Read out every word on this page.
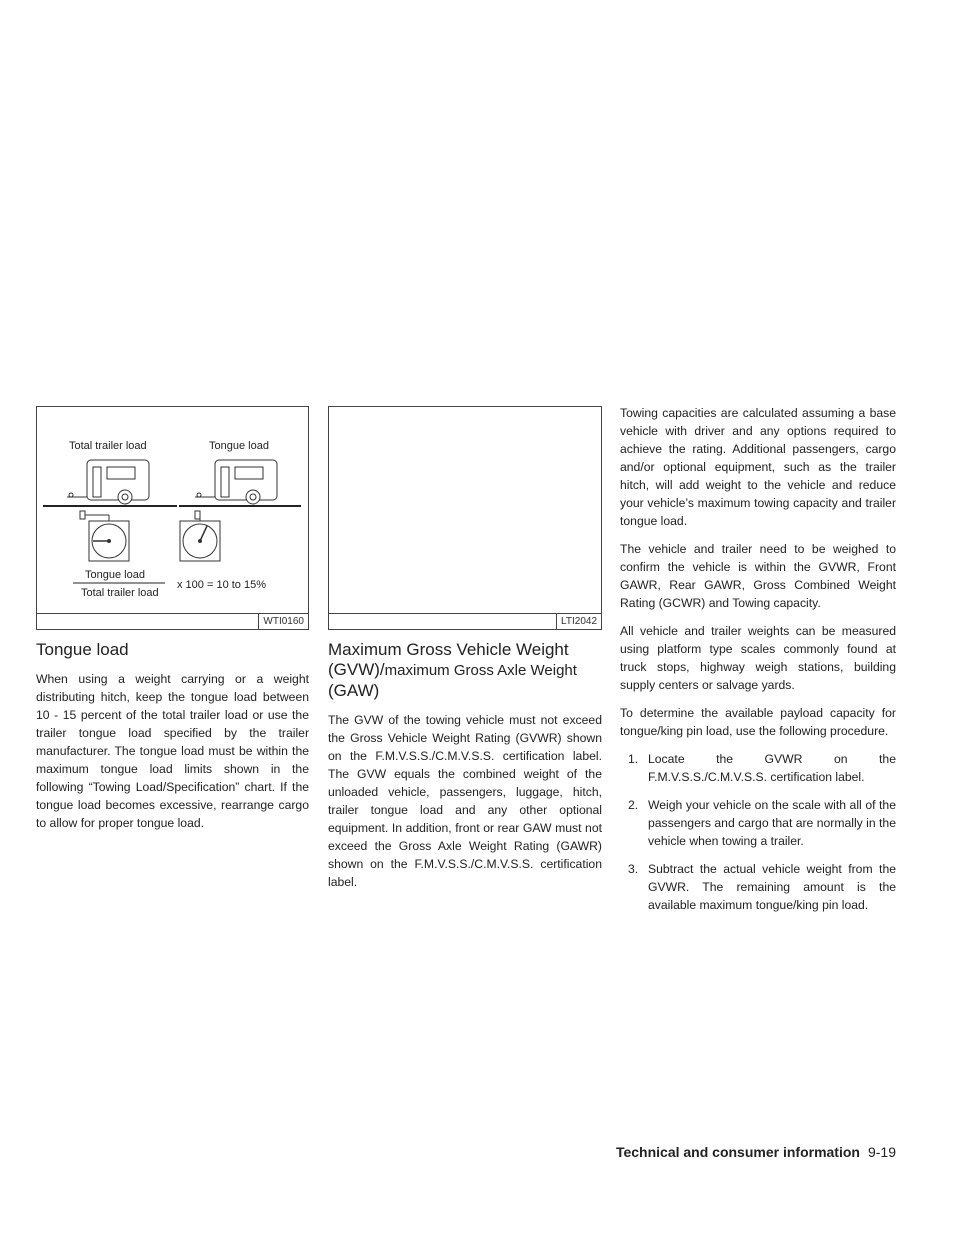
Total trailer load	Tongue load
Tongue load
Total trailer load
x 100 = 10 to 15%
WTI0160
Tongue load

When using a weight carrying or a weight distributing hitch, keep the tongue load between 10 - 15 percent of the total trailer load or use the trailer tongue load specified by the trailer manufacturer. The tongue load must be within the maximum tongue load limits shown in the following “Towing Load/Specification” chart. If the tongue load becomes excessive, rearrange cargo to allow for proper tongue load.

LTI2042
Maximum Gross Vehicle Weight (GVW)/maximum Gross Axle Weight (GAW)

The GVW of the towing vehicle must not exceed the Gross Vehicle Weight Rating (GVWR) shown on the F.M.V.S.S./C.M.V.S.S. certification label. The GVW equals the combined weight of the unloaded vehicle, passengers, luggage, hitch, trailer tongue load and any other optional equipment. In addition, front or rear GAW must not exceed the Gross Axle Weight Rating (GAWR) shown on the F.M.V.S.S./C.M.V.S.S. certification label.

Towing capacities are calculated assuming a base vehicle with driver and any options required to achieve the rating. Additional passengers, cargo and/or optional equipment, such as the trailer hitch, will add weight to the vehicle and reduce your vehicle’s maximum towing capacity and trailer tongue load.

The vehicle and trailer need to be weighed to confirm the vehicle is within the GVWR, Front GAWR, Rear GAWR, Gross Combined Weight Rating (GCWR) and Towing capacity.

All vehicle and trailer weights can be measured using platform type scales commonly found at truck stops, highway weigh stations, building supply centers or salvage yards.

To determine the available payload capacity for tongue/king pin load, use the following procedure.

1. Locate the GVWR on the F.M.V.S.S./C.M.V.S.S. certification label.
2. Weigh your vehicle on the scale with all of the passengers and cargo that are normally in the vehicle when towing a trailer.
3. Subtract the actual vehicle weight from the GVWR. The remaining amount is the available maximum tongue/king pin load.
Technical and consumer information 9-19
